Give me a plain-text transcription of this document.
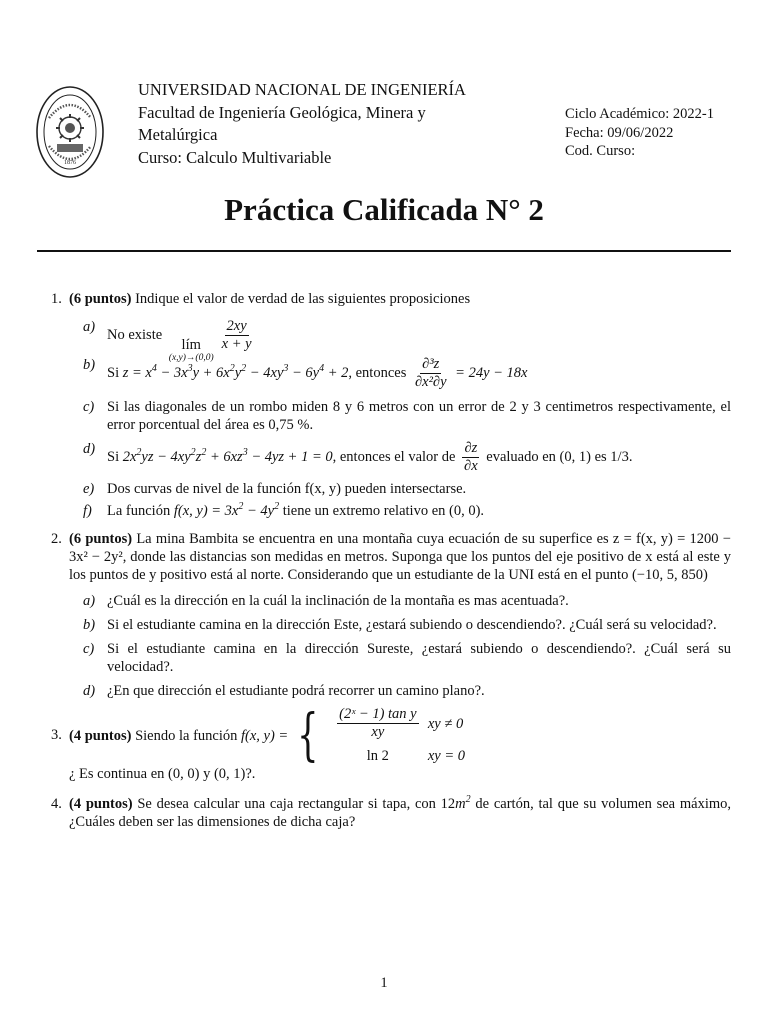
1876
UNIVERSIDAD NACIONAL DE INGENIERÍA
Facultad de Ingeniería Geológica, Minera y
Metalúrgica
Curso: Calculo Multivariable
Ciclo Académico: 2022-1
Fecha: 09/06/2022
Cod. Curso:
Práctica Calificada N° 2
1. (6 puntos) Indique el valor de verdad de las siguientes proposiciones
a) No existe
lím
(x,y)→(0,0)
$\frac{2xy}{x + y}$
b) Si $z = x^4 - 3x^3y + 6x^2y^2 - 4xy^3 - 6y^4 + 2$, entonces $\frac{\text{∂³z}}{\text{∂x²∂y}} = 24y - 18x$
c) Si las diagonales de un rombo miden 8 y 6 metros con un error de 2 y 3 centimetros respectivamente, el error porcentual del área es 0,75 %.
d) Si $2x^2yz - 4xy^2z^2 + 6xz^3 - 4yz + 1 = 0$, entonces el valor de $\frac{\partial z}{\partial x}$ evaluado en (0, 1) es 1/3.
e) Dos curvas de nivel de la función f(x, y) pueden intersectarse.
f) La función f(x, $y) = 3x^2 - 4y^2$ tiene un extremo relativo en (0, 0).
2. (6 puntos) La mina Bambita se encuentra en una montaña cuya ecuación de su superfice es z = f(x, y) = 1200 − 3x² − 2y², donde las distancias son medidas en metros. Suponga que los puntos del eje positivo de x está al este y los puntos de y positivo está al norte. Considerando que un estudiante de la UNI está en el punto (−10, 5, 850)
a) ¿Cuál es la dirección en la cuál la inclinación de la montaña es mas acentuada?.
b) Si el estudiante camina en la dirección Este, ¿estará subiendo o descendiendo?. ¿Cuál será su velocidad?.
c) Si el estudiante camina en la dirección Sureste, ¿estará subiendo o descendiendo?. ¿Cuál será su velocidad?.
d) ¿En que dirección el estudiante podrá recorrer un camino plano?.
3. (4 puntos)
Siendo la función
f(x, y) = { $\frac{\text{(2ˣ − 1) tan y}}{xy}$ xy ≠ 0
ln 2	xy = 0
¿ Es continua en (0, 0) y (0, 1)?.
4. (4 puntos) Se desea calcular una caja rectangular si tapa, con $12m^2$ de cartón, tal que su volumen sea máximo, ¿Cuáles deben ser las dimensiones de dicha caja?
1
